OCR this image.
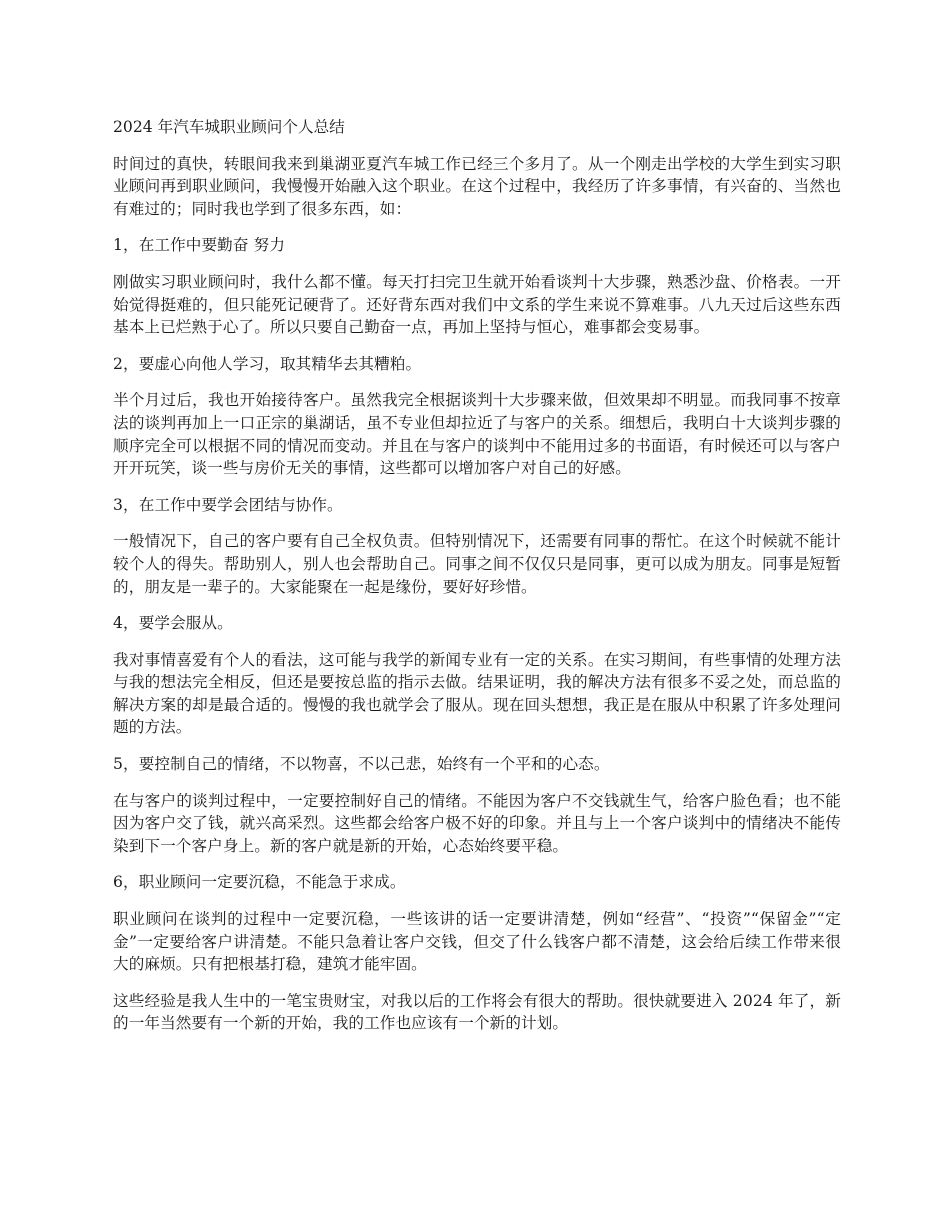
2024 年汽车城职业顾问个人总结

时间过的真快，转眼间我来到巢湖亚夏汽车城工作已经三个多月了。从一个刚走出学校的大学生到实习职业顾问再到职业顾问，我慢慢开始融入这个职业。在这个过程中，我经历了许多事情，有兴奋的、当然也有难过的；同时我也学到了很多东西，如：

1，在工作中要勤奋 努力

刚做实习职业顾问时，我什么都不懂。每天打扫完卫生就开始看谈判十大步骤，熟悉沙盘、价格表。一开始觉得挺难的，但只能死记硬背了。还好背东西对我们中文系的学生来说不算难事。八九天过后这些东西基本上已烂熟于心了。所以只要自己勤奋一点，再加上坚持与恒心，难事都会变易事。

2，要虚心向他人学习，取其精华去其糟粕。

半个月过后，我也开始接待客户。虽然我完全根据谈判十大步骤来做，但效果却不明显。而我同事不按章法的谈判再加上一口正宗的巢湖话，虽不专业但却拉近了与客户的关系。细想后，我明白十大谈判步骤的顺序完全可以根据不同的情况而变动。并且在与客户的谈判中不能用过多的书面语，有时候还可以与客户开开玩笑，谈一些与房价无关的事情，这些都可以增加客户对自己的好感。

3，在工作中要学会团结与协作。

一般情况下，自己的客户要有自己全权负责。但特别情况下，还需要有同事的帮忙。在这个时候就不能计较个人的得失。帮助别人，别人也会帮助自己。同事之间不仅仅只是同事，更可以成为朋友。同事是短暂的，朋友是一辈子的。大家能聚在一起是缘份，要好好珍惜。

4，要学会服从。

我对事情喜爱有个人的看法，这可能与我学的新闻专业有一定的关系。在实习期间，有些事情的处理方法与我的想法完全相反，但还是要按总监的指示去做。结果证明，我的解决方法有很多不妥之处，而总监的解决方案的却是最合适的。慢慢的我也就学会了服从。现在回头想想，我正是在服从中积累了许多处理问题的方法。

5，要控制自己的情绪，不以物喜，不以己悲，始终有一个平和的心态。

在与客户的谈判过程中，一定要控制好自己的情绪。不能因为客户不交钱就生气，给客户脸色看；也不能因为客户交了钱，就兴高采烈。这些都会给客户极不好的印象。并且与上一个客户谈判中的情绪决不能传染到下一个客户身上。新的客户就是新的开始，心态始终要平稳。

6，职业顾问一定要沉稳，不能急于求成。

职业顾问在谈判的过程中一定要沉稳，一些该讲的话一定要讲清楚，例如“经营”、“投资”“保留金”“定金”一定要给客户讲清楚。不能只急着让客户交钱，但交了什么钱客户都不清楚，这会给后续工作带来很大的麻烦。只有把根基打稳，建筑才能牢固。

这些经验是我人生中的一笔宝贵财宝，对我以后的工作将会有很大的帮助。很快就要进入 2024 年了，新的一年当然要有一个新的开始，我的工作也应该有一个新的计划。
